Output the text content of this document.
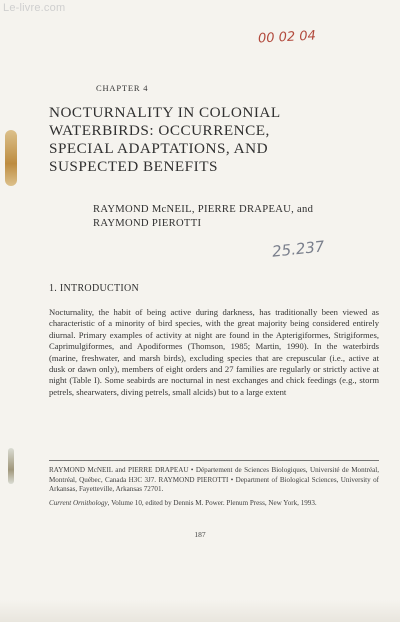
Le-livre.com
00 02 04
CHAPTER 4
NOCTURNALITY IN COLONIAL
WATERBIRDS: OCCURRENCE,
SPECIAL ADAPTATIONS, AND
SUSPECTED BENEFITS
RAYMOND McNEIL, PIERRE DRAPEAU, and
RAYMOND PIEROTTI
25.237
1. INTRODUCTION
Nocturnality, the habit of being active during darkness, has traditionally been viewed as characteristic of a minority of bird species, with the great majority being considered entirely diurnal. Primary examples of activity at night are found in the Apterigiformes, Strigiformes, Caprimulgiformes, and Apodiformes (Thomson, 1985; Martin, 1990). In the waterbirds (marine, freshwater, and marsh birds), excluding species that are crepuscular (i.e., active at dusk or dawn only), members of eight orders and 27 families are regularly or strictly active at night (Table I). Some seabirds are nocturnal in nest exchanges and chick feedings (e.g., storm petrels, shearwaters, diving petrels, small alcids) but to a large extent

RAYMOND McNEIL and PIERRE DRAPEAU • Département de Sciences Biologiques, Université de Montréal, Montréal, Québec, Canada H3C 3J7. RAYMOND PIEROTTI • Department of Biological Sciences, University of Arkansas, Fayetteville, Arkansas 72701.

Current Ornithology, Volume 10, edited by Dennis M. Power. Plenum Press, New York, 1993.

187
